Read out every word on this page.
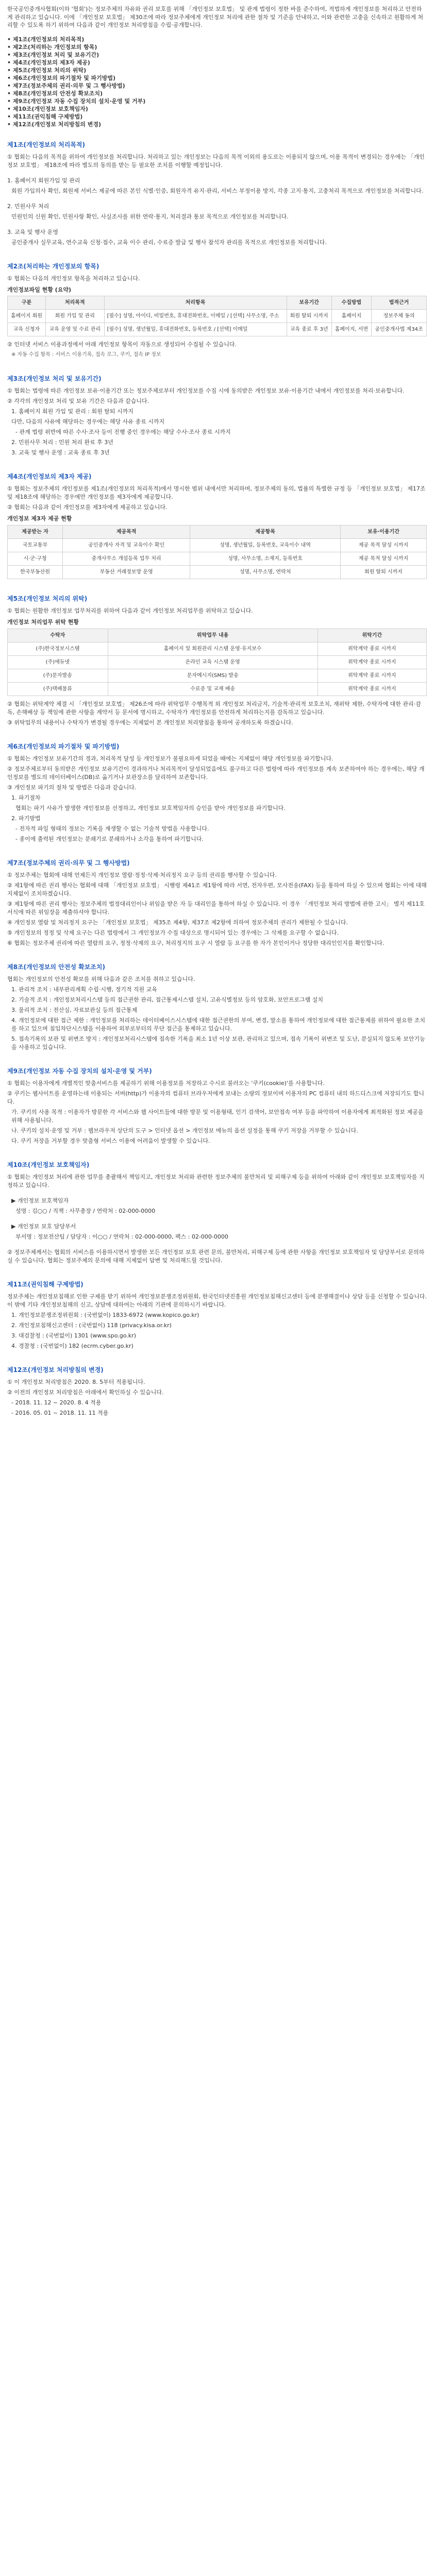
한국공인중개사협회(이하 '협회')는 정보주체의 자유와 권리 보호를 위해 「개인정보 보호법」 및 관계 법령이 정한 바를 준수하여, 적법하게 개인정보를 처리하고 안전하게 관리하고 있습니다. 이에 「개인정보 보호법」 제30조에 따라 정보주체에게 개인정보 처리에 관한 절차 및 기준을 안내하고, 이와 관련한 고충을 신속하고 원활하게 처리할 수 있도록 하기 위하여 다음과 같이 개인정보 처리방침을 수립·공개합니다.

• 제1조(개인정보의 처리목적)
• 제2조(처리하는 개인정보의 항목)
• 제3조(개인정보 처리 및 보유기간)
• 제4조(개인정보의 제3자 제공)
• 제5조(개인정보 처리의 위탁)
• 제6조(개인정보의 파기절차 및 파기방법)
• 제7조(정보주체의 권리·의무 및 그 행사방법)
• 제8조(개인정보의 안전성 확보조치)
• 제9조(개인정보 자동 수집 장치의 설치·운영 및 거부)
• 제10조(개인정보 보호책임자)
• 제11조(권익침해 구제방법)
• 제12조(개인정보 처리방침의 변경)
제1조(개인정보의 처리목적)

① 협회는 다음의 목적을 위하여 개인정보를 처리합니다. 처리하고 있는 개인정보는 다음의 목적 이외의 용도로는 이용되지 않으며, 이용 목적이 변경되는 경우에는 「개인정보 보호법」 제18조에 따라 별도의 동의를 받는 등 필요한 조치를 이행할 예정입니다.

1. 홈페이지 회원가입 및 관리

회원 가입의사 확인, 회원제 서비스 제공에 따른 본인 식별·인증, 회원자격 유지·관리, 서비스 부정이용 방지, 각종 고지·통지, 고충처리 목적으로 개인정보를 처리합니다.

2. 민원사무 처리

민원인의 신원 확인, 민원사항 확인, 사실조사를 위한 연락·통지, 처리결과 통보 목적으로 개인정보를 처리합니다.

3. 교육 및 행사 운영

공인중개사 실무교육, 연수교육 신청·접수, 교육 이수 관리, 수료증 발급 및 행사 참석자 관리를 목적으로 개인정보를 처리합니다.

제2조(처리하는 개인정보의 항목)

① 협회는 다음의 개인정보 항목을 처리하고 있습니다.

개인정보파일 현황 (요약)
구분	처리목적	처리항목	보유기간	수집방법	법적근거
홈페이지 회원	회원 가입 및 관리	[필수] 성명, 아이디, 비밀번호, 휴대전화번호, 이메일 / [선택] 사무소명, 주소	회원 탈퇴 시까지	홈페이지	정보주체 동의
교육 신청자	교육 운영 및 수료 관리	[필수] 성명, 생년월일, 휴대전화번호, 등록번호 / [선택] 이메일	교육 종료 후 3년	홈페이지, 서면	공인중개사법 제34조

② 인터넷 서비스 이용과정에서 아래 개인정보 항목이 자동으로 생성되어 수집될 수 있습니다.

※ 자동 수집 항목 : 서비스 이용기록, 접속 로그, 쿠키, 접속 IP 정보

제3조(개인정보 처리 및 보유기간)

① 협회는 법령에 따른 개인정보 보유·이용기간 또는 정보주체로부터 개인정보를 수집 시에 동의받은 개인정보 보유·이용기간 내에서 개인정보를 처리·보유합니다.

② 각각의 개인정보 처리 및 보유 기간은 다음과 같습니다.

1. 홈페이지 회원 가입 및 관리 : 회원 탈퇴 시까지

다만, 다음의 사유에 해당하는 경우에는 해당 사유 종료 시까지

- 관계 법령 위반에 따른 수사·조사 등이 진행 중인 경우에는 해당 수사·조사 종료 시까지

2. 민원사무 처리 : 민원 처리 완료 후 3년

3. 교육 및 행사 운영 : 교육 종료 후 3년

제4조(개인정보의 제3자 제공)

① 협회는 정보주체의 개인정보를 제1조(개인정보의 처리목적)에서 명시한 범위 내에서만 처리하며, 정보주체의 동의, 법률의 특별한 규정 등 「개인정보 보호법」 제17조 및 제18조에 해당하는 경우에만 개인정보를 제3자에게 제공합니다.

② 협회는 다음과 같이 개인정보를 제3자에게 제공하고 있습니다.

개인정보 제3자 제공 현황
제공받는 자	제공목적	제공항목	보유·이용기간
국토교통부	공인중개사 자격 및 교육이수 확인	성명, 생년월일, 등록번호, 교육이수 내역	제공 목적 달성 시까지
시·군·구청	중개사무소 개설등록 업무 처리	성명, 사무소명, 소재지, 등록번호	제공 목적 달성 시까지
한국부동산원	부동산 거래정보망 운영	성명, 사무소명, 연락처	회원 탈퇴 시까지
제5조(개인정보 처리의 위탁)

① 협회는 원활한 개인정보 업무처리를 위하여 다음과 같이 개인정보 처리업무를 위탁하고 있습니다.

개인정보 처리업무 위탁 현황
수탁자	위탁업무 내용	위탁기간
(주)한국정보시스템	홈페이지 및 회원관리 시스템 운영·유지보수	위탁계약 종료 시까지
(주)에듀넷	온라인 교육 시스템 운영	위탁계약 종료 시까지
(주)문자발송	문자메시지(SMS) 발송	위탁계약 종료 시까지
(주)택배물류	수료증 및 교재 배송	위탁계약 종료 시까지

② 협회는 위탁계약 체결 시 「개인정보 보호법」 제26조에 따라 위탁업무 수행목적 외 개인정보 처리금지, 기술적·관리적 보호조치, 재위탁 제한, 수탁자에 대한 관리·감독, 손해배상 등 책임에 관한 사항을 계약서 등 문서에 명시하고, 수탁자가 개인정보를 안전하게 처리하는지를 감독하고 있습니다.

③ 위탁업무의 내용이나 수탁자가 변경될 경우에는 지체없이 본 개인정보 처리방침을 통하여 공개하도록 하겠습니다.

제6조(개인정보의 파기절차 및 파기방법)

① 협회는 개인정보 보유기간의 경과, 처리목적 달성 등 개인정보가 불필요하게 되었을 때에는 지체없이 해당 개인정보를 파기합니다.

② 정보주체로부터 동의받은 개인정보 보유기간이 경과하거나 처리목적이 달성되었음에도 불구하고 다른 법령에 따라 개인정보를 계속 보존하여야 하는 경우에는, 해당 개인정보를 별도의 데이터베이스(DB)로 옮기거나 보관장소를 달리하여 보존합니다.

③ 개인정보 파기의 절차 및 방법은 다음과 같습니다.

1. 파기절차

협회는 파기 사유가 발생한 개인정보를 선정하고, 개인정보 보호책임자의 승인을 받아 개인정보를 파기합니다.

2. 파기방법

- 전자적 파일 형태의 정보는 기록을 재생할 수 없는 기술적 방법을 사용합니다.

- 종이에 출력된 개인정보는 분쇄기로 분쇄하거나 소각을 통하여 파기합니다.

제7조(정보주체의 권리·의무 및 그 행사방법)

① 정보주체는 협회에 대해 언제든지 개인정보 열람·정정·삭제·처리정지 요구 등의 권리를 행사할 수 있습니다.

② 제1항에 따른 권리 행사는 협회에 대해 「개인정보 보호법」 시행령 제41조 제1항에 따라 서면, 전자우편, 모사전송(FAX) 등을 통하여 하실 수 있으며 협회는 이에 대해 지체없이 조치하겠습니다.

③ 제1항에 따른 권리 행사는 정보주체의 법정대리인이나 위임을 받은 자 등 대리인을 통하여 하실 수 있습니다. 이 경우 「개인정보 처리 방법에 관한 고시」 별지 제11호 서식에 따른 위임장을 제출하셔야 합니다.

④ 개인정보 열람 및 처리정지 요구는 「개인정보 보호법」 제35조 제4항, 제37조 제2항에 의하여 정보주체의 권리가 제한될 수 있습니다.

⑤ 개인정보의 정정 및 삭제 요구는 다른 법령에서 그 개인정보가 수집 대상으로 명시되어 있는 경우에는 그 삭제를 요구할 수 없습니다.

⑥ 협회는 정보주체 권리에 따른 열람의 요구, 정정·삭제의 요구, 처리정지의 요구 시 열람 등 요구를 한 자가 본인이거나 정당한 대리인인지를 확인합니다.

제8조(개인정보의 안전성 확보조치)

협회는 개인정보의 안전성 확보를 위해 다음과 같은 조치를 취하고 있습니다.

1. 관리적 조치 : 내부관리계획 수립·시행, 정기적 직원 교육

2. 기술적 조치 : 개인정보처리시스템 등의 접근권한 관리, 접근통제시스템 설치, 고유식별정보 등의 암호화, 보안프로그램 설치

3. 물리적 조치 : 전산실, 자료보관실 등의 접근통제

4. 개인정보에 대한 접근 제한 : 개인정보를 처리하는 데이터베이스시스템에 대한 접근권한의 부여, 변경, 말소를 통하여 개인정보에 대한 접근통제를 위하여 필요한 조치를 하고 있으며 침입차단시스템을 이용하여 외부로부터의 무단 접근을 통제하고 있습니다.

5. 접속기록의 보관 및 위변조 방지 : 개인정보처리시스템에 접속한 기록을 최소 1년 이상 보관, 관리하고 있으며, 접속 기록이 위변조 및 도난, 분실되지 않도록 보안기능을 사용하고 있습니다.

제9조(개인정보 자동 수집 장치의 설치·운영 및 거부)

① 협회는 이용자에게 개별적인 맞춤서비스를 제공하기 위해 이용정보를 저장하고 수시로 불러오는 '쿠키(cookie)'를 사용합니다.

② 쿠키는 웹사이트를 운영하는데 이용되는 서버(http)가 이용자의 컴퓨터 브라우저에게 보내는 소량의 정보이며 이용자의 PC 컴퓨터 내의 하드디스크에 저장되기도 합니다.

가. 쿠키의 사용 목적 : 이용자가 방문한 각 서비스와 웹 사이트들에 대한 방문 및 이용형태, 인기 검색어, 보안접속 여부 등을 파악하여 이용자에게 최적화된 정보 제공을 위해 사용됩니다.

나. 쿠키의 설치·운영 및 거부 : 웹브라우저 상단의 도구 > 인터넷 옵션 > 개인정보 메뉴의 옵션 설정을 통해 쿠키 저장을 거부할 수 있습니다.

다. 쿠키 저장을 거부할 경우 맞춤형 서비스 이용에 어려움이 발생할 수 있습니다.

제10조(개인정보 보호책임자)

① 협회는 개인정보 처리에 관한 업무를 총괄해서 책임지고, 개인정보 처리와 관련한 정보주체의 불만처리 및 피해구제 등을 위하여 아래와 같이 개인정보 보호책임자를 지정하고 있습니다.

▶ 개인정보 보호책임자

성명 : 김○○ / 직책 : 사무총장 / 연락처 : 02-000-0000

▶ 개인정보 보호 담당부서

부서명 : 정보전산팀 / 담당자 : 이○○ / 연락처 : 02-000-0000, 팩스 : 02-000-0000

② 정보주체께서는 협회의 서비스를 이용하시면서 발생한 모든 개인정보 보호 관련 문의, 불만처리, 피해구제 등에 관한 사항을 개인정보 보호책임자 및 담당부서로 문의하실 수 있습니다. 협회는 정보주체의 문의에 대해 지체없이 답변 및 처리해드릴 것입니다.

제11조(권익침해 구제방법)

정보주체는 개인정보침해로 인한 구제를 받기 위하여 개인정보분쟁조정위원회, 한국인터넷진흥원 개인정보침해신고센터 등에 분쟁해결이나 상담 등을 신청할 수 있습니다. 이 밖에 기타 개인정보침해의 신고, 상담에 대하여는 아래의 기관에 문의하시기 바랍니다.

1. 개인정보분쟁조정위원회 : (국번없이) 1833-6972 (www.kopico.go.kr)

2. 개인정보침해신고센터 : (국번없이) 118 (privacy.kisa.or.kr)

3. 대검찰청 : (국번없이) 1301 (www.spo.go.kr)

4. 경찰청 : (국번없이) 182 (ecrm.cyber.go.kr)

제12조(개인정보 처리방침의 변경)

① 이 개인정보 처리방침은 2020. 8. 5부터 적용됩니다.

② 이전의 개인정보 처리방침은 아래에서 확인하실 수 있습니다.

- 2018. 11. 12 ~ 2020. 8. 4 적용

- 2016. 05. 01 ~ 2018. 11. 11 적용
